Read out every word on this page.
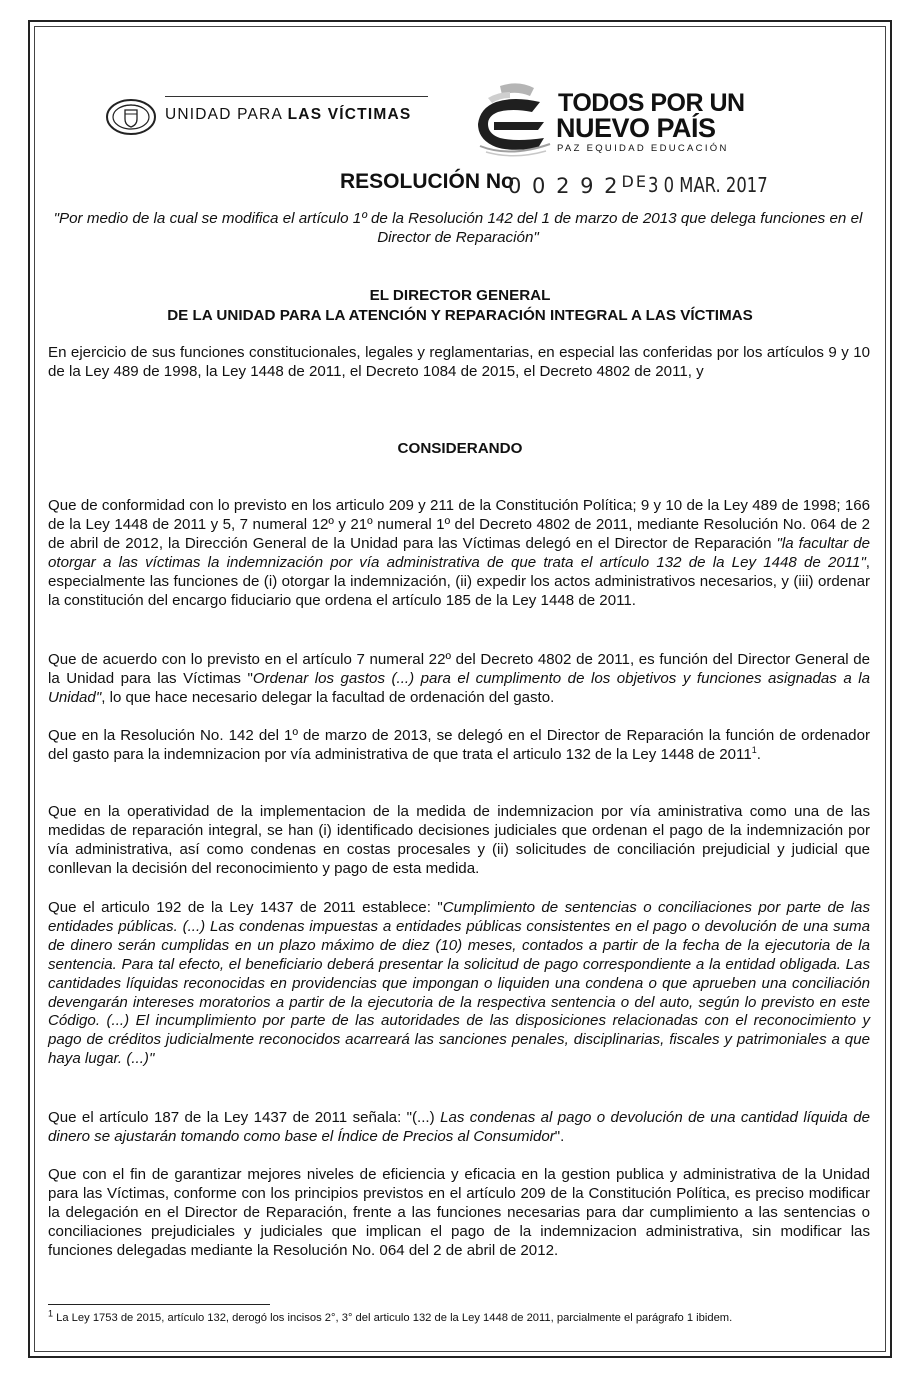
UNIDAD PARA LAS VÍCTIMAS	TODOS POR UN
NUEVO PAÍS
PAZ EQUIDAD EDUCACIÓN
RESOLUCIÓN No
0 0 2 9 2 $^{DE}$ 3 0 MAR. 2017
"Por medio de la cual se modifica el artículo 1º de la Resolución 142 del 1 de marzo de 2013 que delega funciones en el Director de Reparación"
EL DIRECTOR GENERAL
DE LA UNIDAD PARA LA ATENCIÓN Y REPARACIÓN INTEGRAL A LAS VÍCTIMAS
En ejercicio de sus funciones constitucionales, legales y reglamentarias, en especial las conferidas por los artículos 9 y 10 de la Ley 489 de 1998, la Ley 1448 de 2011, el Decreto 1084 de 2015, el Decreto 4802 de 2011, y
CONSIDERANDO
Que de conformidad con lo previsto en los articulo 209 y 211 de la Constitución Política; 9 y 10 de la Ley 489 de 1998; 166 de la Ley 1448 de 2011 y 5, 7 numeral 12º y 21º numeral 1º del Decreto 4802 de 2011, mediante Resolución No. 064 de 2 de abril de 2012, la Dirección General de la Unidad para las Víctimas delegó en el Director de Reparación "la facultar de otorgar a las víctimas la indemnización por vía administrativa de que trata el artículo 132 de la Ley 1448 de 2011", especialmente las funciones de (i) otorgar la indemnización, (ii) expedir los actos administrativos necesarios, y (iii) ordenar la constitución del encargo fiduciario que ordena el artículo 185 de la Ley 1448 de 2011.
Que de acuerdo con lo previsto en el artículo 7 numeral 22º del Decreto 4802 de 2011, es función del Director General de la Unidad para las Víctimas "Ordenar los gastos (...) para el cumplimento de los objetivos y funciones asignadas a la Unidad", lo que hace necesario delegar la facultad de ordenación del gasto.
Que en la Resolución No. 142 del 1º de marzo de 2013, se delegó en el Director de Reparación la función de ordenador del gasto para la indemnizacion por vía administrativa de que trata el articulo 132 de la Ley 1448 de 2011$^1$.
Que en la operatividad de la implementacion de la medida de indemnizacion por vía aministrativa como una de las medidas de reparación integral, se han (i) identificado decisiones judiciales que ordenan el pago de la indemnización por vía administrativa, así como condenas en costas procesales y (ii) solicitudes de conciliación prejudicial y judicial que conllevan la decisión del reconocimiento y pago de esta medida.
Que el articulo 192 de la Ley 1437 de 2011 establece: "Cumplimiento de sentencias o conciliaciones por parte de las entidades públicas. (...) Las condenas impuestas a entidades públicas consistentes en el pago o devolución de una suma de dinero serán cumplidas en un plazo máximo de diez (10) meses, contados a partir de la fecha de la ejecutoria de la sentencia. Para tal efecto, el beneficiario deberá presentar la solicitud de pago correspondiente a la entidad obligada. Las cantidades líquidas reconocidas en providencias que impongan o liquiden una condena o que aprueben una conciliación devengarán intereses moratorios a partir de la ejecutoria de la respectiva sentencia o del auto, según lo previsto en este Código. (...) El incumplimiento por parte de las autoridades de las disposiciones relacionadas con el reconocimiento y pago de créditos judicialmente reconocidos acarreará las sanciones penales, disciplinarias, fiscales y patrimoniales a que haya lugar. (...)"
Que el artículo 187 de la Ley 1437 de 2011 señala: "(...) Las condenas al pago o devolución de una cantidad líquida de dinero se ajustarán tomando como base el Índice de Precios al Consumidor".
Que con el fin de garantizar mejores niveles de eficiencia y eficacia en la gestion publica y administrativa de la Unidad para las Víctimas, conforme con los principios previstos en el artículo 209 de la Constitución Política, es preciso modificar la delegación en el Director de Reparación, frente a las funciones necesarias para dar cumplimiento a las sentencias o conciliaciones prejudiciales y judiciales que implican el pago de la indemnizacion administrativa, sin modificar las funciones delegadas mediante la Resolución No. 064 del 2 de abril de 2012.
$^1$ La Ley 1753 de 2015, artículo 132, derogó los incisos 2°, 3° del articulo 132 de la Ley 1448 de 2011, parcialmente el parágrafo 1 ibidem.
